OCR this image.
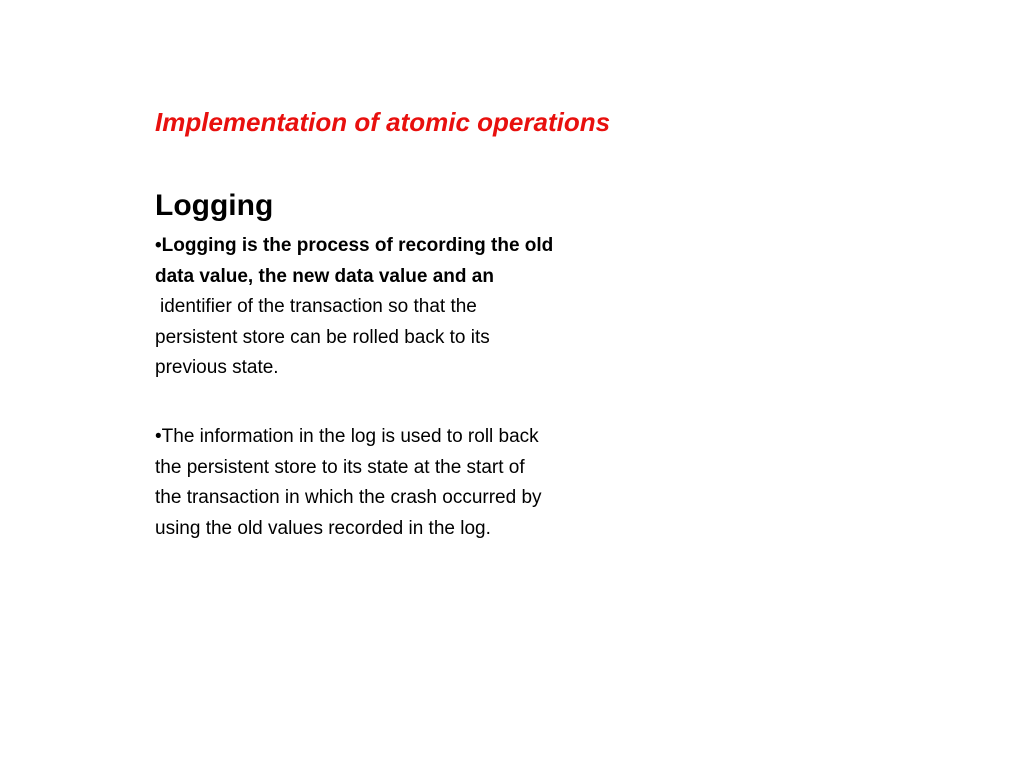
Implementation of atomic operations
Logging
•Logging is the process of recording the old
data value, the new data value and an
identifier of the transaction so that the
persistent store can be rolled back to its
previous state.
•The information in the log is used to roll back
the persistent store to its state at the start of
the transaction in which the crash occurred by
using the old values recorded in the log.
